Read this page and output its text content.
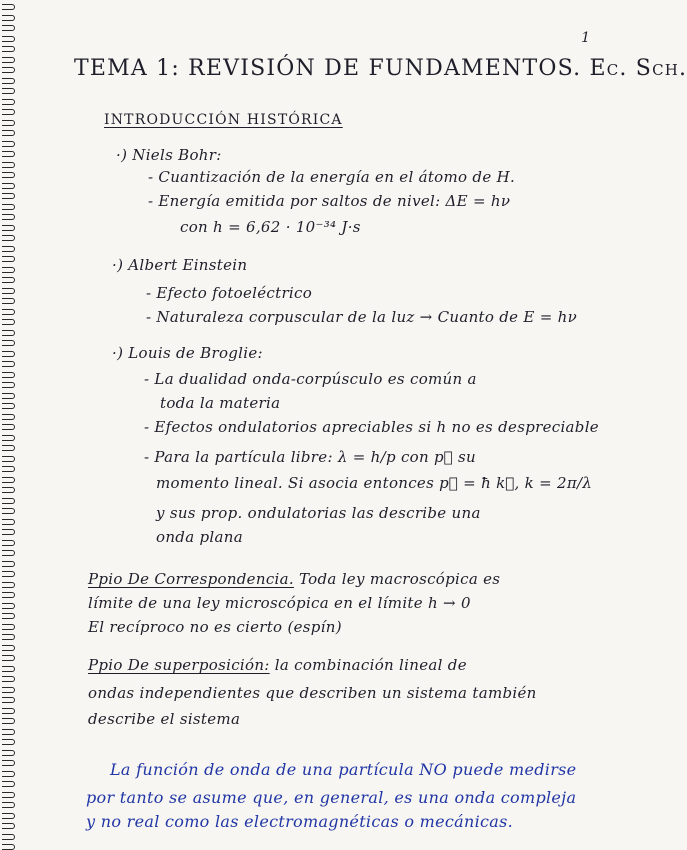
1
TEMA 1: REVISIÓN DE FUNDAMENTOS. Ec. Sch.
INTRODUCCIÓN HISTÓRICA
·) Niels Bohr:
- Cuantización de la energía en el átomo de H.
- Energía emitida por saltos de nivel: ΔE = hν
con h = 6,62 · 10⁻³⁴ J·s
·) Albert Einstein
- Efecto fotoeléctrico
- Naturaleza corpuscular de la luz → Cuanto de E = hν
·) Louis de Broglie:
- La dualidad onda-corpúsculo es común a
toda la materia
- Efectos ondulatorios apreciables si h no es despreciable
- Para la partícula libre: λ = h/p con p⃗ su
momento lineal. Si asocia entonces p⃗ = ħ k⃗, k = 2π/λ
y sus prop. ondulatorias las describe una
onda plana
Ppio De Correspondencia. Toda ley macroscópica es
límite de una ley microscópica en el límite h → 0
El recíproco no es cierto (espín)
Ppio De superposición: la combinación lineal de
ondas independientes que describen un sistema también
describe el sistema
La función de onda de una partícula NO puede medirse
por tanto se asume que, en general, es una onda compleja
y no real como las electromagnéticas o mecánicas.
